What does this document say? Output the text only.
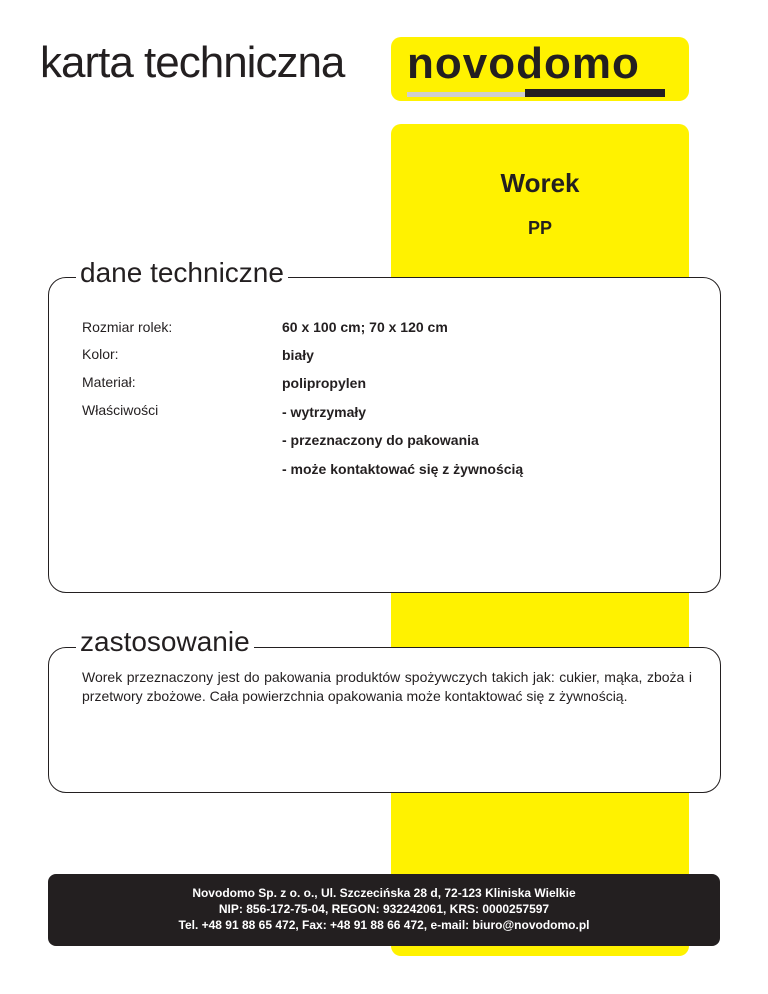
karta techniczna novodomo
Worek
PP
dane techniczne
Rozmiar rolek:	60 x 100 cm; 70 x 120 cm
Kolor:	biały
Materiał:	polipropylen
Właściwości	- wytrzymały
- przeznaczony do pakowania
- może kontaktować się z żywnością
zastosowanie
Worek przeznaczony jest do pakowania produktów spożywczych takich jak: cukier, mąka, zboża i przetwory zbożowe. Cała powierzchnia opakowania może kontaktować się z żywnością.
Novodomo Sp. z o. o., Ul. Szczecińska 28 d, 72-123 Kliniska Wielkie
NIP: 856-172-75-04, REGON: 932242061, KRS: 0000257597
Tel. +48 91 88 65 472, Fax: +48 91 88 66 472, e-mail: biuro@novodomo.pl
